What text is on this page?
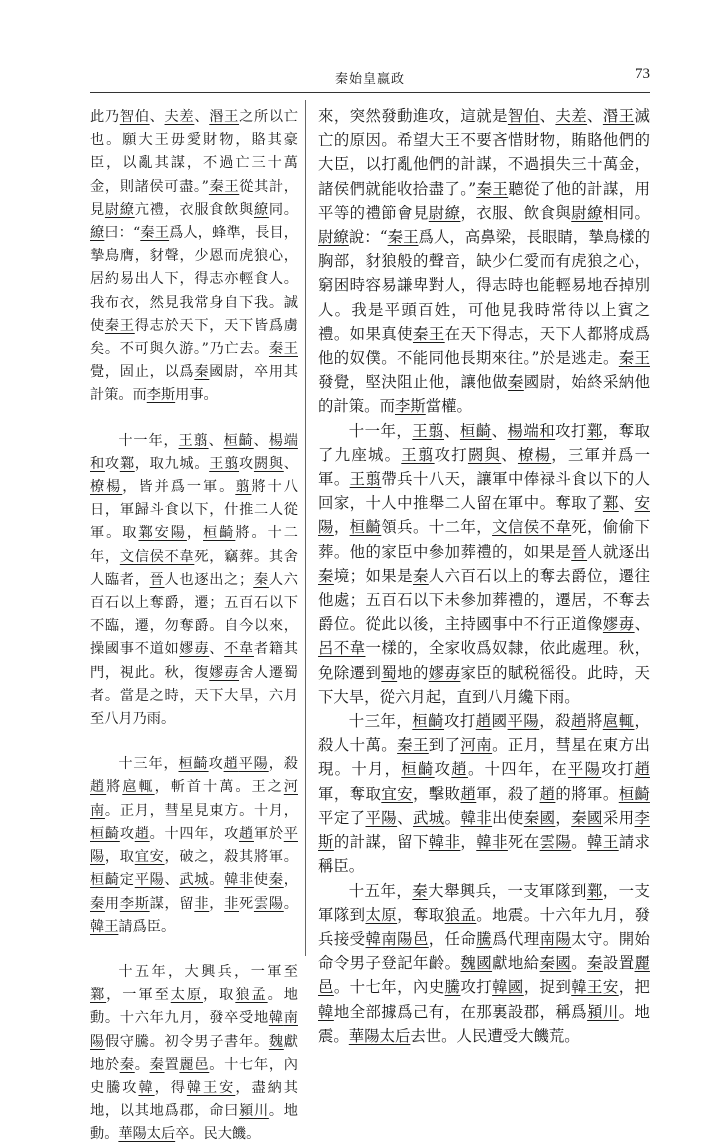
秦始皇嬴政	73

此乃智伯、夫差、湣王之所以亡也。願大王毋愛財物，賂其豪臣，以亂其謀，不過亡三十萬金，則諸侯可盡。”秦王從其計，見尉繚亢禮，衣服食飲與繚同。繚曰：“秦王爲人，蜂準，長目，摯鳥膺，豺聲，少恩而虎狼心，居約易出人下，得志亦輕食人。我布衣，然見我常身自下我。誠使秦王得志於天下，天下皆爲虜矣。不可與久游。”乃亡去。秦王覺，固止，以爲秦國尉，卒用其計策。而李斯用事。

十一年，王翦、桓齮、楊端和攻鄴，取九城。王翦攻閼與、橑楊，皆并爲一軍。翦將十八日，軍歸斗食以下，什推二人從軍。取鄴安陽，桓齮將。十二年，文信侯不韋死，竊葬。其舍人臨者，晉人也逐出之；秦人六百石以上奪爵，遷；五百石以下不臨，遷，勿奪爵。自今以來，操國事不道如嫪毐、不韋者籍其門，視此。秋，復嫪毐舍人遷蜀者。當是之時，天下大旱，六月至八月乃雨。

十三年，桓齮攻趙平陽，殺趙將扈輒，斬首十萬。王之河南。正月，彗星見東方。十月，桓齮攻趙。十四年，攻趙軍於平陽，取宜安，破之，殺其將軍。桓齮定平陽、武城。韓非使秦，秦用李斯謀，留非，非死雲陽。韓王請爲臣。

十五年，大興兵，一軍至鄴，一軍至太原，取狼孟。地動。十六年九月，發卒受地韓南陽假守騰。初令男子書年。魏獻地於秦。秦置麗邑。十七年，內史騰攻韓，得韓王安，盡納其地，以其地爲郡，命曰潁川。地動。華陽太后卒。民大饑。

來，突然發動進攻，這就是智伯、夫差、湣王滅亡的原因。希望大王不要吝惜財物，賄賂他們的大臣，以打亂他們的計謀，不過損失三十萬金，諸侯們就能收拾盡了。”秦王聽從了他的計謀，用平等的禮節會見尉繚，衣服、飲食與尉繚相同。尉繚說：“秦王爲人，高鼻梁，長眼睛，摯鳥樣的胸部，豺狼般的聲音，缺少仁愛而有虎狼之心，窮困時容易謙卑對人，得志時也能輕易地吞掉別人。我是平頭百姓，可他見我時常待以上賓之禮。如果真使秦王在天下得志，天下人都將成爲他的奴僕。不能同他長期來往。”於是逃走。秦王發覺，堅決阻止他，讓他做秦國尉，始終采納他的計策。而李斯當權。

十一年，王翦、桓齮、楊端和攻打鄴，奪取了九座城。王翦攻打閼與、橑楊，三軍并爲一軍。王翦帶兵十八天，讓軍中俸禄斗食以下的人回家，十人中推舉二人留在軍中。奪取了鄴、安陽，桓齮領兵。十二年，文信侯不韋死，偷偷下葬。他的家臣中參加葬禮的，如果是晉人就逐出秦境；如果是秦人六百石以上的奪去爵位，遷往他處；五百石以下未參加葬禮的，遷居，不奪去爵位。從此以後，主持國事中不行正道像嫪毐、呂不韋一樣的，全家收爲奴隸，依此處理。秋，免除遷到蜀地的嫪毐家臣的賦税徭役。此時，天下大旱，從六月起，直到八月纔下雨。

十三年，桓齮攻打趙國平陽，殺趙將扈輒，殺人十萬。秦王到了河南。正月，彗星在東方出現。十月，桓齮攻趙。十四年，在平陽攻打趙軍，奪取宜安，擊敗趙軍，殺了趙的將軍。桓齮平定了平陽、武城。韓非出使秦國，秦國采用李斯的計謀，留下韓非，韓非死在雲陽。韓王請求稱臣。

十五年，秦大舉興兵，一支軍隊到鄴，一支軍隊到太原，奪取狼孟。地震。十六年九月，發兵接受韓南陽邑，任命騰爲代理南陽太守。開始命令男子登記年齡。魏國獻地給秦國。秦設置麗邑。十七年，內史騰攻打韓國，捉到韓王安，把韓地全部據爲己有，在那裏設郡，稱爲潁川。地震。華陽太后去世。人民遭受大饑荒。
